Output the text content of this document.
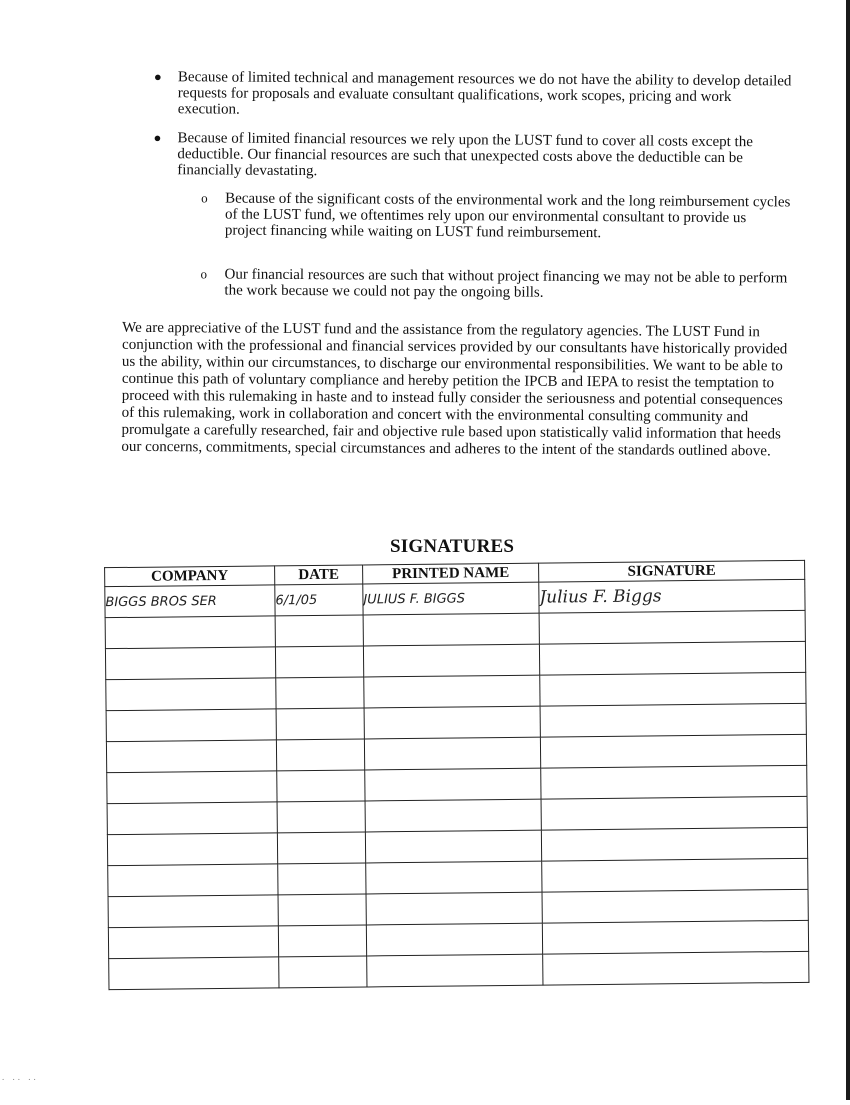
●	Because of limited technical and management resources we do not have the ability to develop detailed requests for proposals and evaluate consultant qualifications, work scopes, pricing and work execution.
●	Because of limited financial resources we rely upon the LUST fund to cover all costs except the deductible. Our financial resources are such that unexpected costs above the deductible can be financially devastating.
o	Because of the significant costs of the environmental work and the long reimbursement cycles of the LUST fund, we oftentimes rely upon our environmental consultant to provide us project financing while waiting on LUST fund reimbursement.
o	Our financial resources are such that without project financing we may not be able to perform the work because we could not pay the ongoing bills.
We are appreciative of the LUST fund and the assistance from the regulatory agencies. The LUST Fund in conjunction with the professional and financial services provided by our consultants have historically provided us the ability, within our circumstances, to discharge our environmental responsibilities. We want to be able to continue this path of voluntary compliance and hereby petition the IPCB and IEPA to resist the temptation to proceed with this rulemaking in haste and to instead fully consider the seriousness and potential consequences of this rulemaking, work in collaboration and concert with the environmental consulting community and promulgate a carefully researched, fair and objective rule based upon statistically valid information that heeds our concerns, commitments, special circumstances and adheres to the intent of the standards outlined above.
SIGNATURES
COMPANY	DATE	PRINTED NAME	SIGNATURE
BIGGS BROS SER	6/1/05	JULIUS F. BIGGS	Julius F. Biggs

. .. ..
